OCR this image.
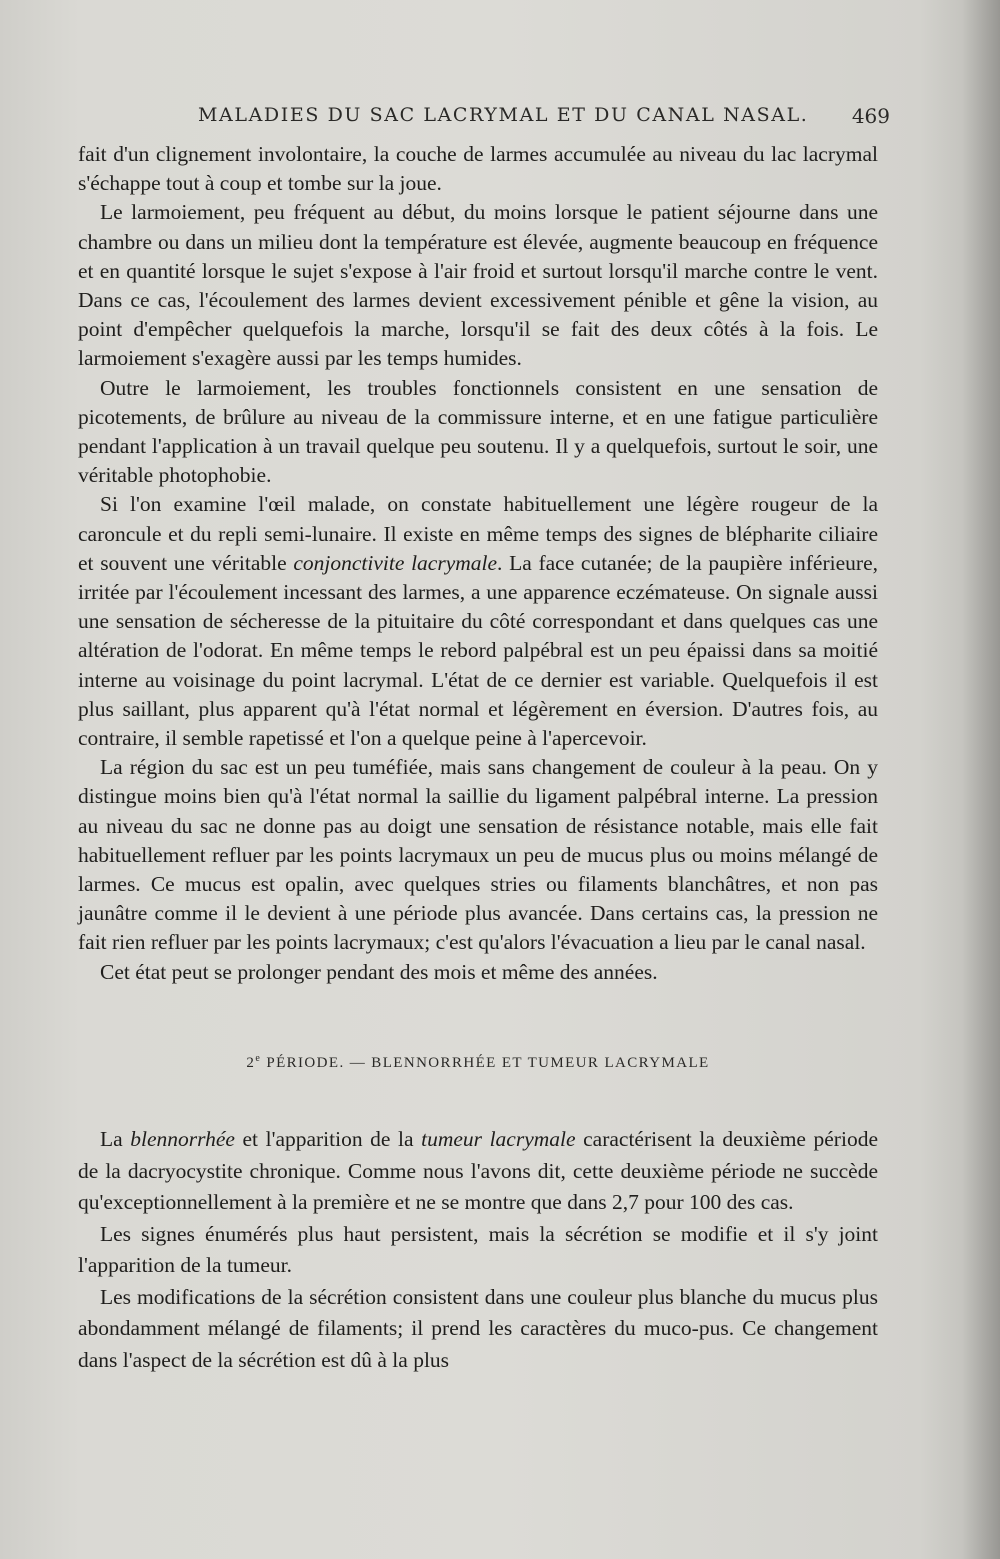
MALADIES DU SAC LACRYMAL ET DU CANAL NASAL. 469

fait d'un clignement involontaire, la couche de larmes accumulée au niveau du lac lacrymal s'échappe tout à coup et tombe sur la joue.

Le larmoiement, peu fréquent au début, du moins lorsque le patient séjourne dans une chambre ou dans un milieu dont la température est élevée, augmente beaucoup en fréquence et en quantité lorsque le sujet s'expose à l'air froid et surtout lorsqu'il marche contre le vent. Dans ce cas, l'écoulement des larmes devient excessivement pénible et gêne la vision, au point d'empêcher quelquefois la marche, lorsqu'il se fait des deux côtés à la fois. Le larmoiement s'exagère aussi par les temps humides.

Outre le larmoiement, les troubles fonctionnels consistent en une sensation de picotements, de brûlure au niveau de la commissure interne, et en une fatigue particulière pendant l'application à un travail quelque peu soutenu. Il y a quelquefois, surtout le soir, une véritable photophobie.

Si l'on examine l'œil malade, on constate habituellement une légère rougeur de la caroncule et du repli semi-lunaire. Il existe en même temps des signes de blépharite ciliaire et souvent une véritable conjonctivite lacrymale. La face cutanée; de la paupière inférieure, irritée par l'écoulement incessant des larmes, a une apparence eczémateuse. On signale aussi une sensation de sécheresse de la pituitaire du côté correspondant et dans quelques cas une altération de l'odorat. En même temps le rebord palpébral est un peu épaissi dans sa moitié interne au voisinage du point lacrymal. L'état de ce dernier est variable. Quelquefois il est plus saillant, plus apparent qu'à l'état normal et légèrement en éversion. D'autres fois, au contraire, il semble rapetissé et l'on a quelque peine à l'apercevoir.

La région du sac est un peu tuméfiée, mais sans changement de couleur à la peau. On y distingue moins bien qu'à l'état normal la saillie du ligament palpébral interne. La pression au niveau du sac ne donne pas au doigt une sensation de résistance notable, mais elle fait habituellement refluer par les points lacrymaux un peu de mucus plus ou moins mélangé de larmes. Ce mucus est opalin, avec quelques stries ou filaments blanchâtres, et non pas jaunâtre comme il le devient à une période plus avancée. Dans certains cas, la pression ne fait rien refluer par les points lacrymaux; c'est qu'alors l'évacuation a lieu par le canal nasal.

Cet état peut se prolonger pendant des mois et même des années.

2e PÉRIODE. — BLENNORRHÉE ET TUMEUR LACRYMALE

La blennorrhée et l'apparition de la tumeur lacrymale caractérisent la deuxième période de la dacryocystite chronique. Comme nous l'avons dit, cette deuxième période ne succède qu'exceptionnellement à la première et ne se montre que dans 2,7 pour 100 des cas.

Les signes énumérés plus haut persistent, mais la sécrétion se modifie et il s'y joint l'apparition de la tumeur.

Les modifications de la sécrétion consistent dans une couleur plus blanche du mucus plus abondamment mélangé de filaments; il prend les caractères du muco-pus. Ce changement dans l'aspect de la sécrétion est dû à la plus
